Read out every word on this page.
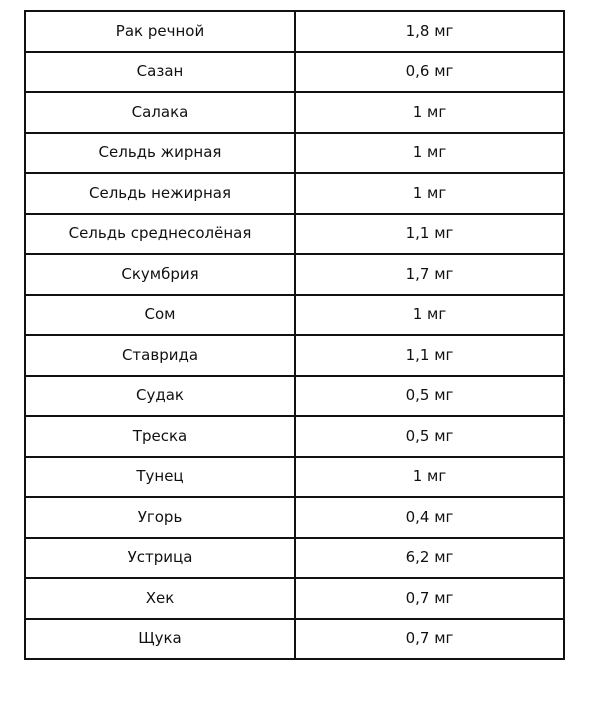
Рак речной	1,8 мг
Сазан	0,6 мг
Салака	1 мг
Сельдь жирная	1 мг
Сельдь нежирная	1 мг
Сельдь среднесолёная	1,1 мг
Скумбрия	1,7 мг
Сом	1 мг
Ставрида	1,1 мг
Судак	0,5 мг
Треска	0,5 мг
Тунец	1 мг
Угорь	0,4 мг
Устрица	6,2 мг
Хек	0,7 мг
Щука	0,7 мг
